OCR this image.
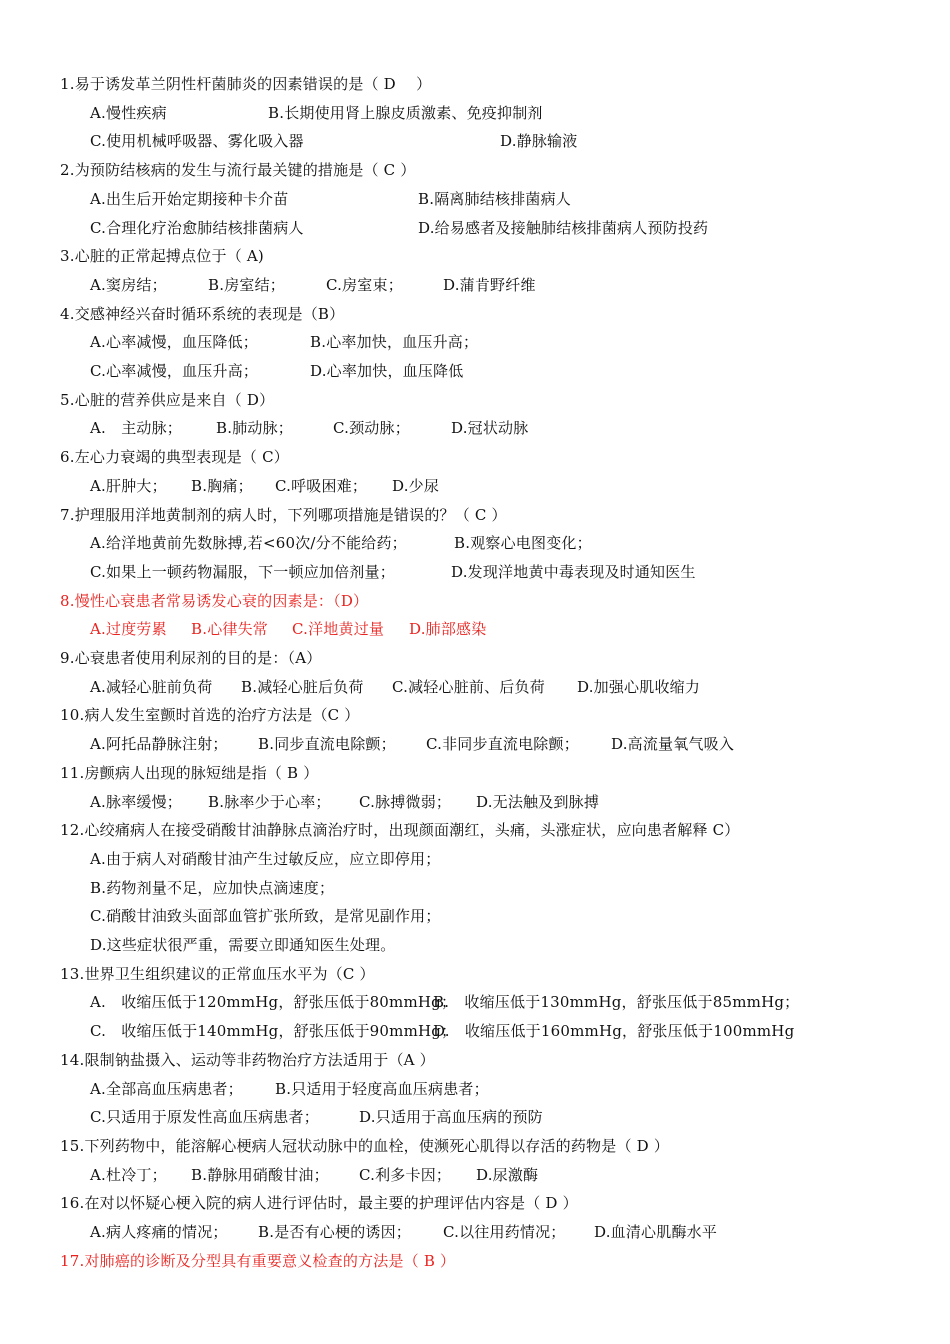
1.易于诱发革兰阴性杆菌肺炎的因素错误的是（ D　 ）
A.慢性疾病	B.长期使用肾上腺皮质激素、免疫抑制剂
C.使用机械呼吸器、雾化吸入器	D.静脉输液
2.为预防结核病的发生与流行最关键的措施是（ C ）
A.出生后开始定期接种卡介苗	B.隔离肺结核排菌病人
C.合理化疗治愈肺结核排菌病人	D.给易感者及接触肺结核排菌病人预防投药
3.心脏的正常起搏点位于（ A)
A.窦房结；	B.房室结；	C.房室束；	D.蒲肯野纤维
4.交感神经兴奋时循环系统的表现是（B）
A.心率减慢，血压降低；	B.心率加快，血压升高；
C.心率减慢，血压升高；	D.心率加快，血压降低
5.心脏的营养供应是来自（ D）
A.　主动脉； B.肺动脉；	C.颈动脉；	D.冠状动脉
6.左心力衰竭的典型表现是（ C）
A.肝肿大； B.胸痛； C.呼吸困难； D.少尿
7.护理服用洋地黄制剂的病人时，下列哪项措施是错误的？（ C ）
A.给洋地黄前先数脉搏,若<60次/分不能给药；	B.观察心电图变化；
C.如果上一顿药物漏服，下一顿应加倍剂量；	D.发现洋地黄中毒表现及时通知医生
8.慢性心衰患者常易诱发心衰的因素是：（D）
A.过度劳累 B.心律失常 C.洋地黄过量 D.肺部感染
9.心衰患者使用利尿剂的目的是：（A）
A.减轻心脏前负荷 B.减轻心脏后负荷 C.减轻心脏前、后负荷 D.加强心肌收缩力
10.病人发生室颤时首选的治疗方法是（C ）
A.阿托品静脉注射； B.同步直流电除颤； C.非同步直流电除颤； D.高流量氧气吸入
11.房颤病人出现的脉短绌是指（ B ）
A.脉率缓慢； B.脉率少于心率； C.脉搏微弱； D.无法触及到脉搏
12.心绞痛病人在接受硝酸甘油静脉点滴治疗时，出现颜面潮红，头痛，头涨症状，应向患者解释 C）
A.由于病人对硝酸甘油产生过敏反应，应立即停用；
B.药物剂量不足，应加快点滴速度；
C.硝酸甘油致头面部血管扩张所致，是常见副作用；
D.这些症状很严重，需要立即通知医生处理。
13.世界卫生组织建议的正常血压水平为（C ）
A.　收缩压低于120mmHg，舒张压低于80mmHg；
B.　收缩压低于130mmHg，舒张压低于85mmHg；
C.　收缩压低于140mmHg，舒张压低于90mmHg；
D.　收缩压低于160mmHg，舒张压低于100mmHg
14.限制钠盐摄入、运动等非药物治疗方法适用于（A ）
A.全部高血压病患者； B.只适用于轻度高血压病患者；
C.只适用于原发性高血压病患者；	D.只适用于高血压病的预防
15.下列药物中，能溶解心梗病人冠状动脉中的血栓，使濒死心肌得以存活的药物是（ D ）
A.杜冷丁； B.静脉用硝酸甘油； C.利多卡因； D.尿激酶
16.在对以怀疑心梗入院的病人进行评估时，最主要的护理评估内容是（ D ）
A.病人疼痛的情况； B.是否有心梗的诱因； C.以往用药情况； D.血清心肌酶水平
17.对肺癌的诊断及分型具有重要意义检查的方法是（ B ）
